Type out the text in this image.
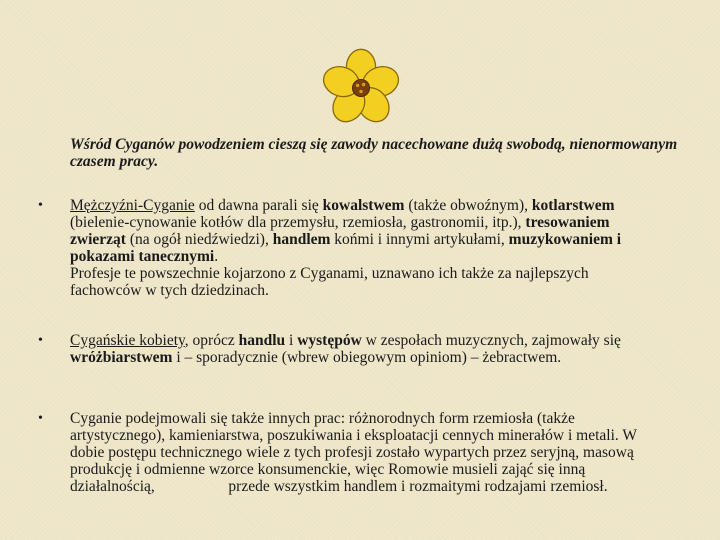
Wśród Cyganów powodzeniem cieszą się zawody nacechowane dużą swobodą, nienormowanym czasem pracy.

• Mężczyźni-Cyganie od dawna parali się kowalstwem (także obwoźnym), kotlarstwem (bielenie-cynowanie kotłów dla przemysłu, rzemiosła, gastronomii, itp.), tresowaniem zwierząt (na ogół niedźwiedzi), handlem końmi i innymi artykułami, muzykowaniem i pokazami tanecznymi.
Profesje te powszechnie kojarzono z Cyganami, uznawano ich także za najlepszych fachowców w tych dziedzinach.

• Cygańskie kobiety, oprócz handlu i występów w zespołach muzycznych, zajmowały się wróżbiarstwem i – sporadycznie (wbrew obiegowym opiniom) – żebractwem.

• Cyganie podejmowali się także innych prac: różnorodnych form rzemiosła (także artystycznego), kamieniarstwa, poszukiwania i eksploatacji cennych minerałów i metali. W dobie postępu technicznego wiele z tych profesji zostało wypartych przez seryjną, masową produkcję i odmienne wzorce konsumenckie, więc Romowie musieli zająć się inną działalnością,                   przede wszystkim handlem i rozmaitymi rodzajami rzemiosł.
